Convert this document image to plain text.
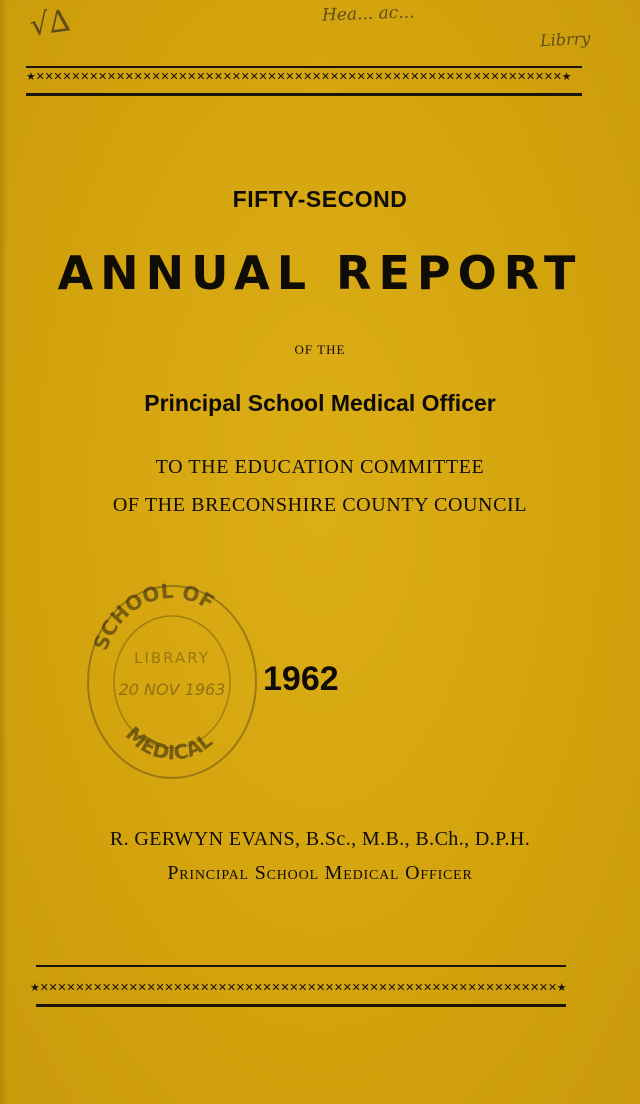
√∆	Hea... ac...
Librry
★✕✕✕✕✕✕✕✕✕✕✕✕✕✕✕✕✕✕✕✕✕✕✕✕✕✕✕✕✕✕✕✕✕✕✕✕✕✕✕✕✕✕✕✕✕✕✕✕✕✕✕✕✕✕✕✕✕✕✕★
FIFTY-SECOND
ANNUAL REPORT
OF THE
Principal School Medical Officer
TO THE EDUCATION COMMITTEE
OF THE BRECONSHIRE COUNTY COUNCIL
SCHOOL OF
LIBRARY
20 NOV 1963
MEDICAL
1962
R. GERWYN EVANS, B.Sc., M.B., B.Ch., D.P.H.
Principal School Medical Officer
★✕✕✕✕✕✕✕✕✕✕✕✕✕✕✕✕✕✕✕✕✕✕✕✕✕✕✕✕✕✕✕✕✕✕✕✕✕✕✕✕✕✕✕✕✕✕✕✕✕✕✕✕✕✕✕✕✕✕★
